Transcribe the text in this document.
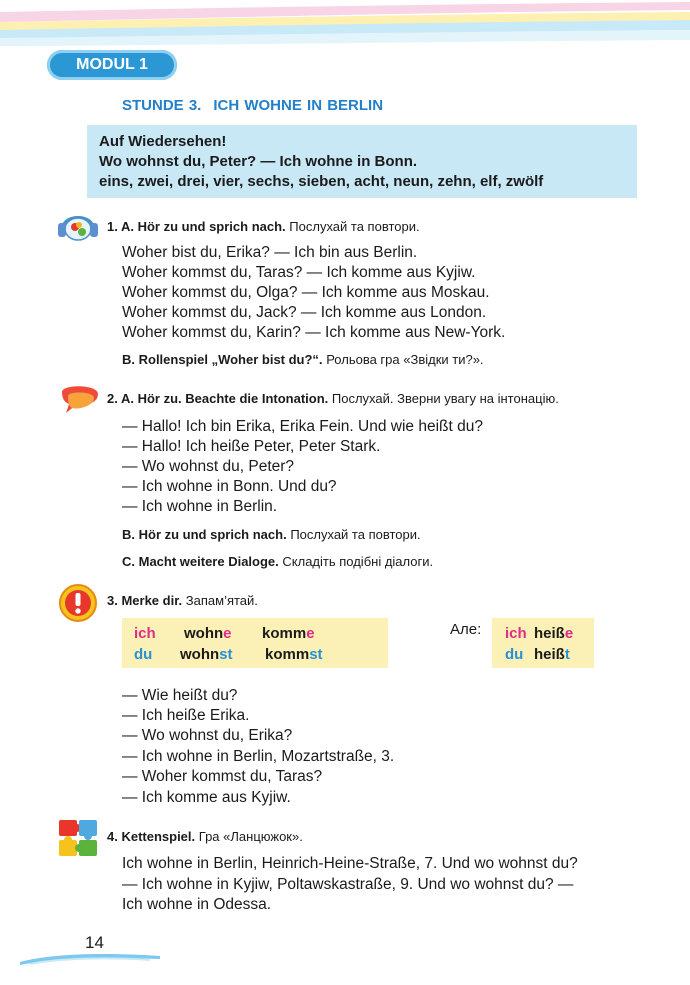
MODUL 1
STUNDE 3. ICH WOHNE IN BERLIN
Auf Wiedersehen!
Wo wohnst du, Peter? — Ich wohne in Bonn.
eins, zwei, drei, vier, sechs, sieben, acht, neun, zehn, elf, zwölf
1. A. Hör zu und sprich nach. Послухай та повтори.
Woher bist du, Erika? — Ich bin aus Berlin.
Woher kommst du, Taras? — Ich komme aus Kyjiw.
Woher kommst du, Olga? — Ich komme aus Moskau.
Woher kommst du, Jack? — Ich komme aus London.
Woher kommst du, Karin? — Ich komme aus New-York.
B. Rollenspiel „Woher bist du?“. Рольова гра «Звідки ти?».
2. A. Hör zu. Beachte die Intonation. Послухай. Зверни увагу на інтонацію.
— Hallo! Ich bin Erika, Erika Fein. Und wie heißt du?
— Hallo! Ich heiße Peter, Peter Stark.
— Wo wohnst du, Peter?
— Ich wohne in Bonn. Und du?
— Ich wohne in Berlin.
B. Hör zu und sprich nach. Послухай та повтори.
C. Macht weitere Dialoge. Складіть подібні діалоги.
3. Merke dir. Запам’ятай.
ich wohne komme
du wohnst kommst
Але: ich heiße
du heißt
— Wie heißt du?
— Ich heiße Erika.
— Wo wohnst du, Erika?
— Ich wohne in Berlin, Mozartstraße, 3.
— Woher kommst du, Taras?
— Ich komme aus Kyjiw.
4. Kettenspiel. Гра «Ланцюжок».
Ich wohne in Berlin, Heinrich-Heine-Straße, 7. Und wo wohnst du?
— Ich wohne in Kyjiw, Poltawskastraße, 9. Und wo wohnst du? —
Ich wohne in Odessa.
14
